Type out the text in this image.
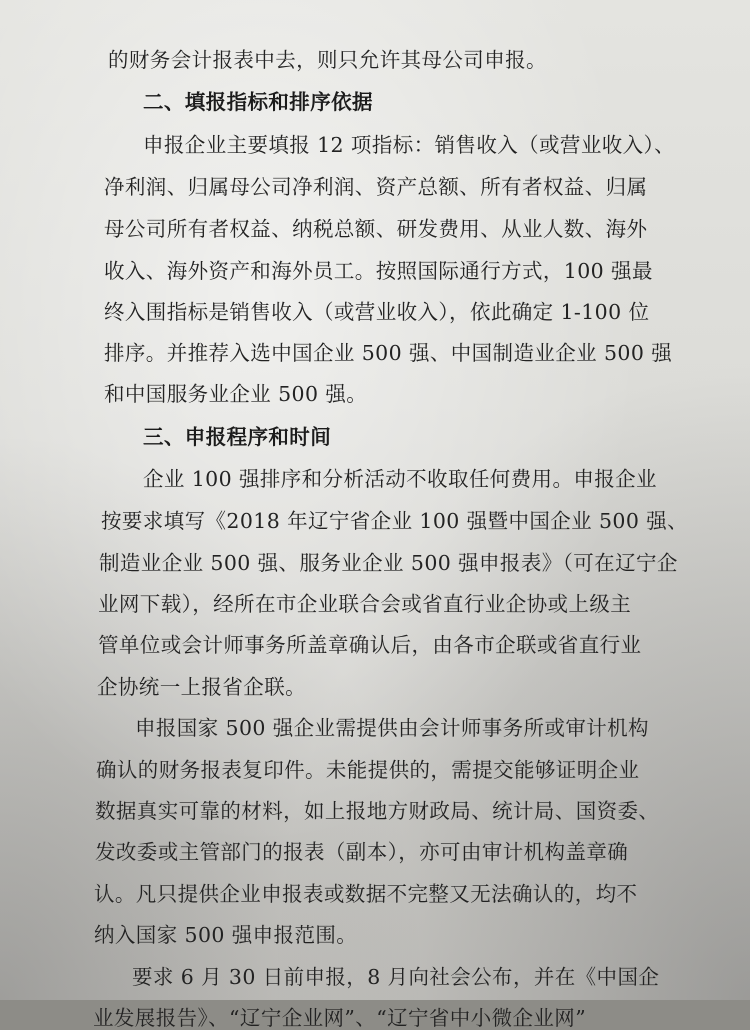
的财务会计报表中去，则只允许其母公司申报。
二、填报指标和排序依据
申报企业主要填报 12 项指标：销售收入（或营业收入）、
净利润、归属母公司净利润、资产总额、所有者权益、归属
母公司所有者权益、纳税总额、研发费用、从业人数、海外
收入、海外资产和海外员工。按照国际通行方式，100 强最
终入围指标是销售收入（或营业收入），依此确定 1-100 位
排序。并推荐入选中国企业 500 强、中国制造业企业 500 强
和中国服务业企业 500 强。
三、申报程序和时间
企业 100 强排序和分析活动不收取任何费用。申报企业
按要求填写《2018 年辽宁省企业 100 强暨中国企业 500 强、
制造业企业 500 强、服务业企业 500 强申报表》（可在辽宁企
业网下载），经所在市企业联合会或省直行业企协或上级主
管单位或会计师事务所盖章确认后，由各市企联或省直行业
企协统一上报省企联。
申报国家 500 强企业需提供由会计师事务所或审计机构
确认的财务报表复印件。未能提供的，需提交能够证明企业
数据真实可靠的材料，如上报地方财政局、统计局、国资委、
发改委或主管部门的报表（副本），亦可由审计机构盖章确
认。凡只提供企业申报表或数据不完整又无法确认的，均不
纳入国家 500 强申报范围。
要求 6 月 30 日前申报，8 月向社会公布，并在《中国企
业发展报告》、“辽宁企业网”、“辽宁省中小微企业网”
